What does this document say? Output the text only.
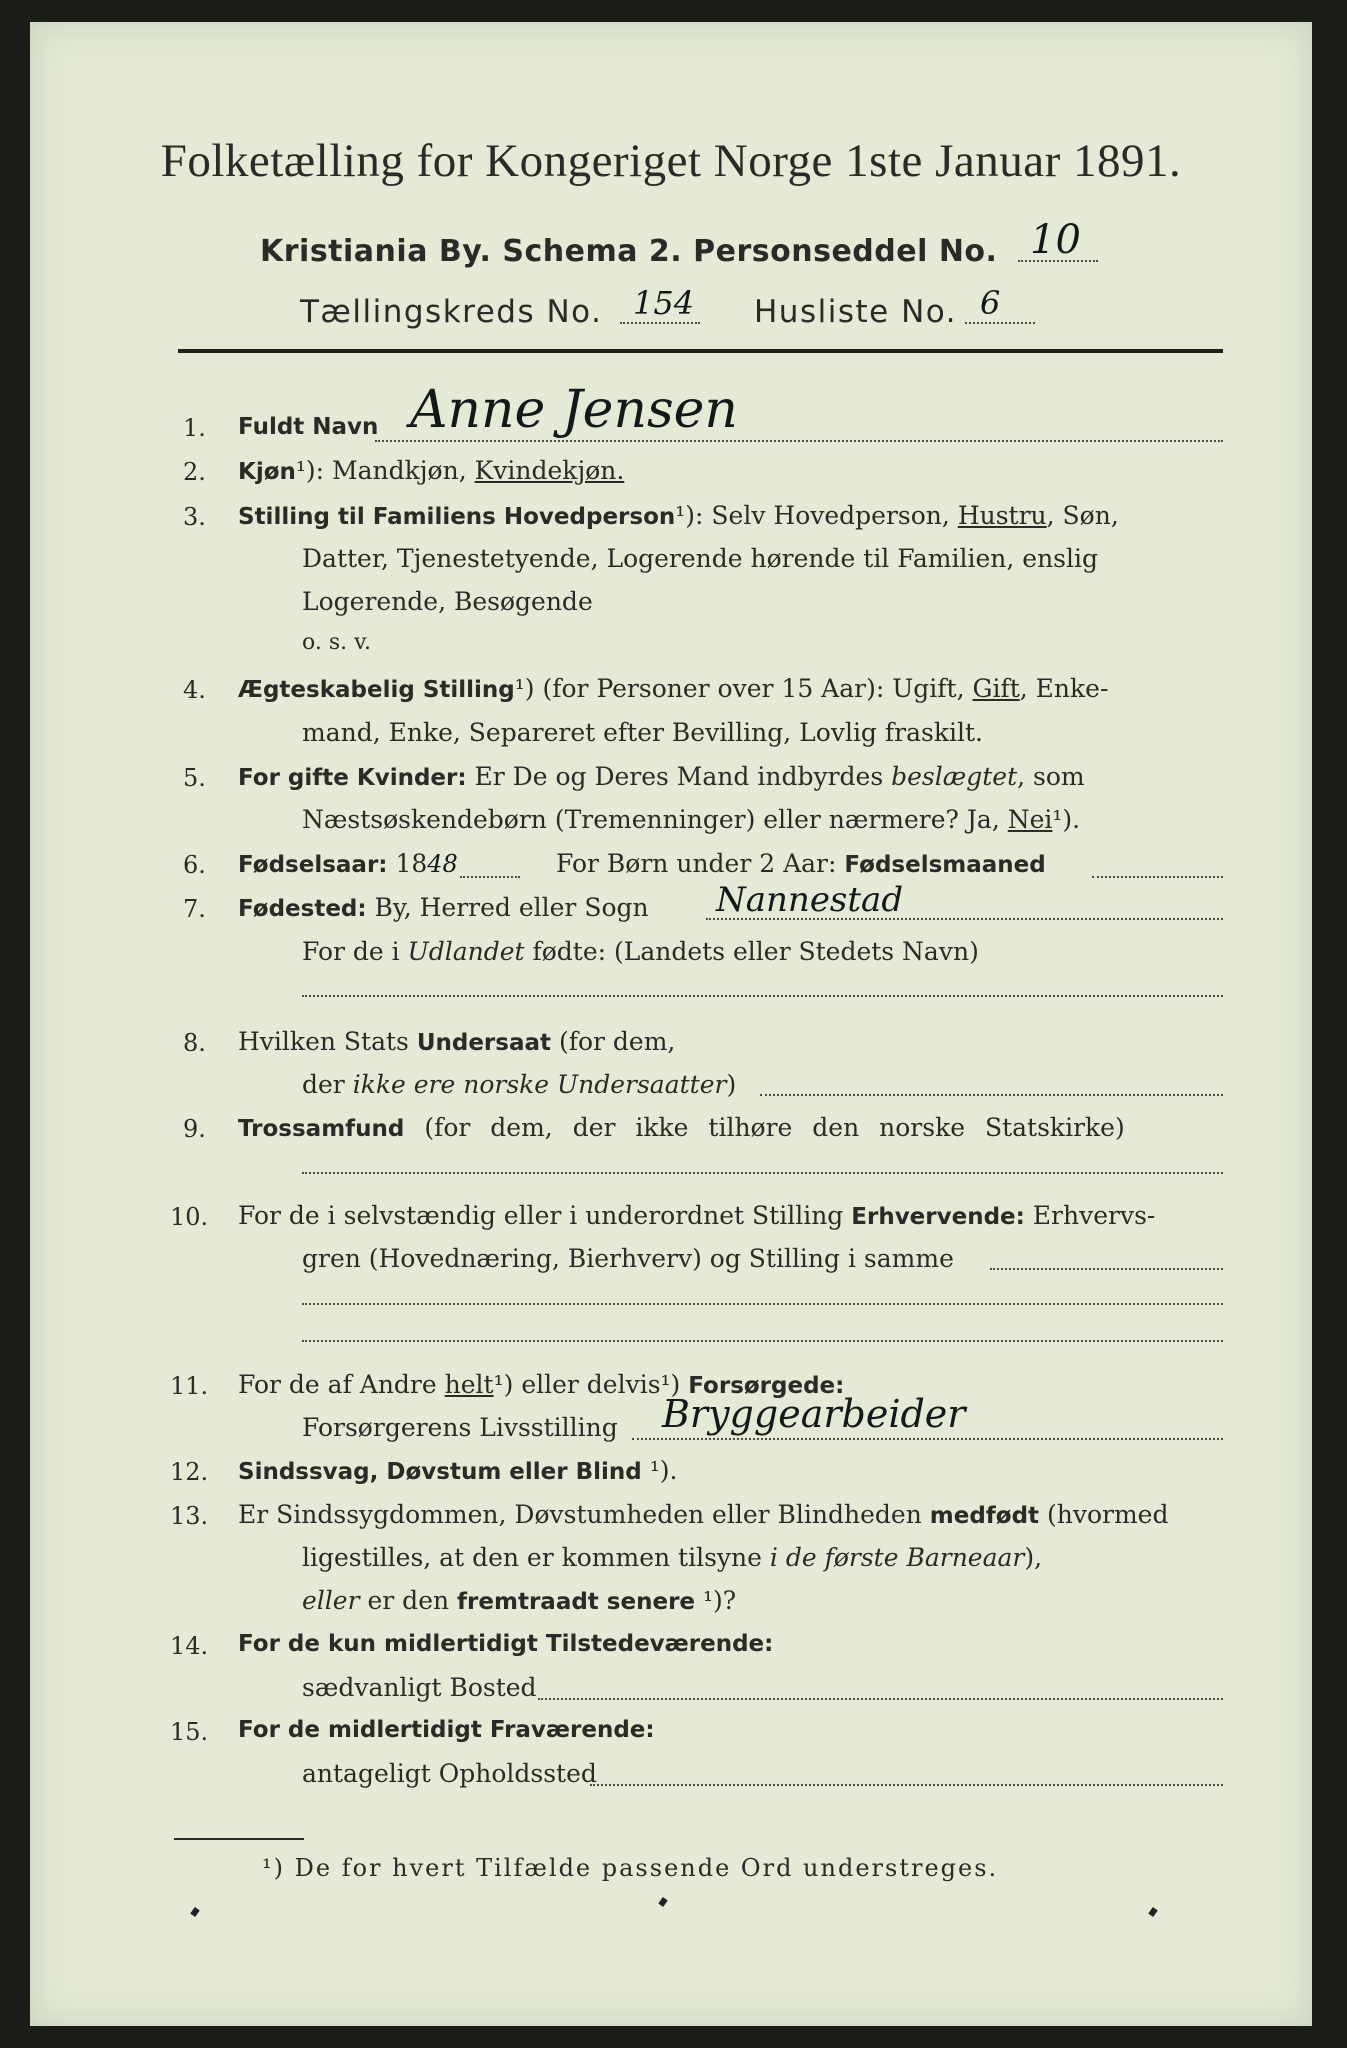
Folketælling for Kongeriget Norge 1ste Januar 1891.
Kristiania By. Schema 2. Personseddel No. 10
Tællingskreds No. 154 Husliste No. 6
1. Fuldt Navn Anne Jensen
2. Kjøn¹): Mandkjøn, Kvindekjøn.
3. Stilling til Familiens Hovedperson¹): Selv Hovedperson, Hustru, Søn,
Datter, Tjenestetyende, Logerende hørende til Familien, enslig
Logerende, Besøgende
o. s. v.
4. Ægteskabelig Stilling¹) (for Personer over 15 Aar): Ugift, Gift, Enke-
mand, Enke, Separeret efter Bevilling, Lovlig fraskilt.
5. For gifte Kvinder: Er De og Deres Mand indbyrdes beslægtet, som
Næstsøskendebørn (Tremenninger) eller nærmere? Ja, Nei¹).
6. Fødselsaar: 1848	For Børn under 2 Aar: Fødselsmaaned
7. Fødested: By, Herred eller Sogn Nannestad
For de i Udlandet fødte: (Landets eller Stedets Navn)
8. Hvilken Stats Undersaat (for dem,
der ikke ere norske Undersaatter)
9. Trossamfund (for dem, der ikke tilhøre den norske Statskirke)
10. For de i selvstændig eller i underordnet Stilling Erhvervende: Erhvervs-
gren (Hovednæring, Bierhverv) og Stilling i samme
11. For de af Andre helt¹) eller delvis¹) Forsørgede:
Forsørgerens Livsstilling Bryggearbeider
12. Sindssvag, Døvstum eller Blind ¹).
13. Er Sindssygdommen, Døvstumheden eller Blindheden medfødt (hvormed
ligestilles, at den er kommen tilsyne i de første Barneaar),
eller er den fremtraadt senere ¹)?
14. For de kun midlertidigt Tilstedeværende:
sædvanligt Bosted
15. For de midlertidigt Fraværende:
antageligt Opholdssted
¹) De for hvert Tilfælde passende Ord understreges.
